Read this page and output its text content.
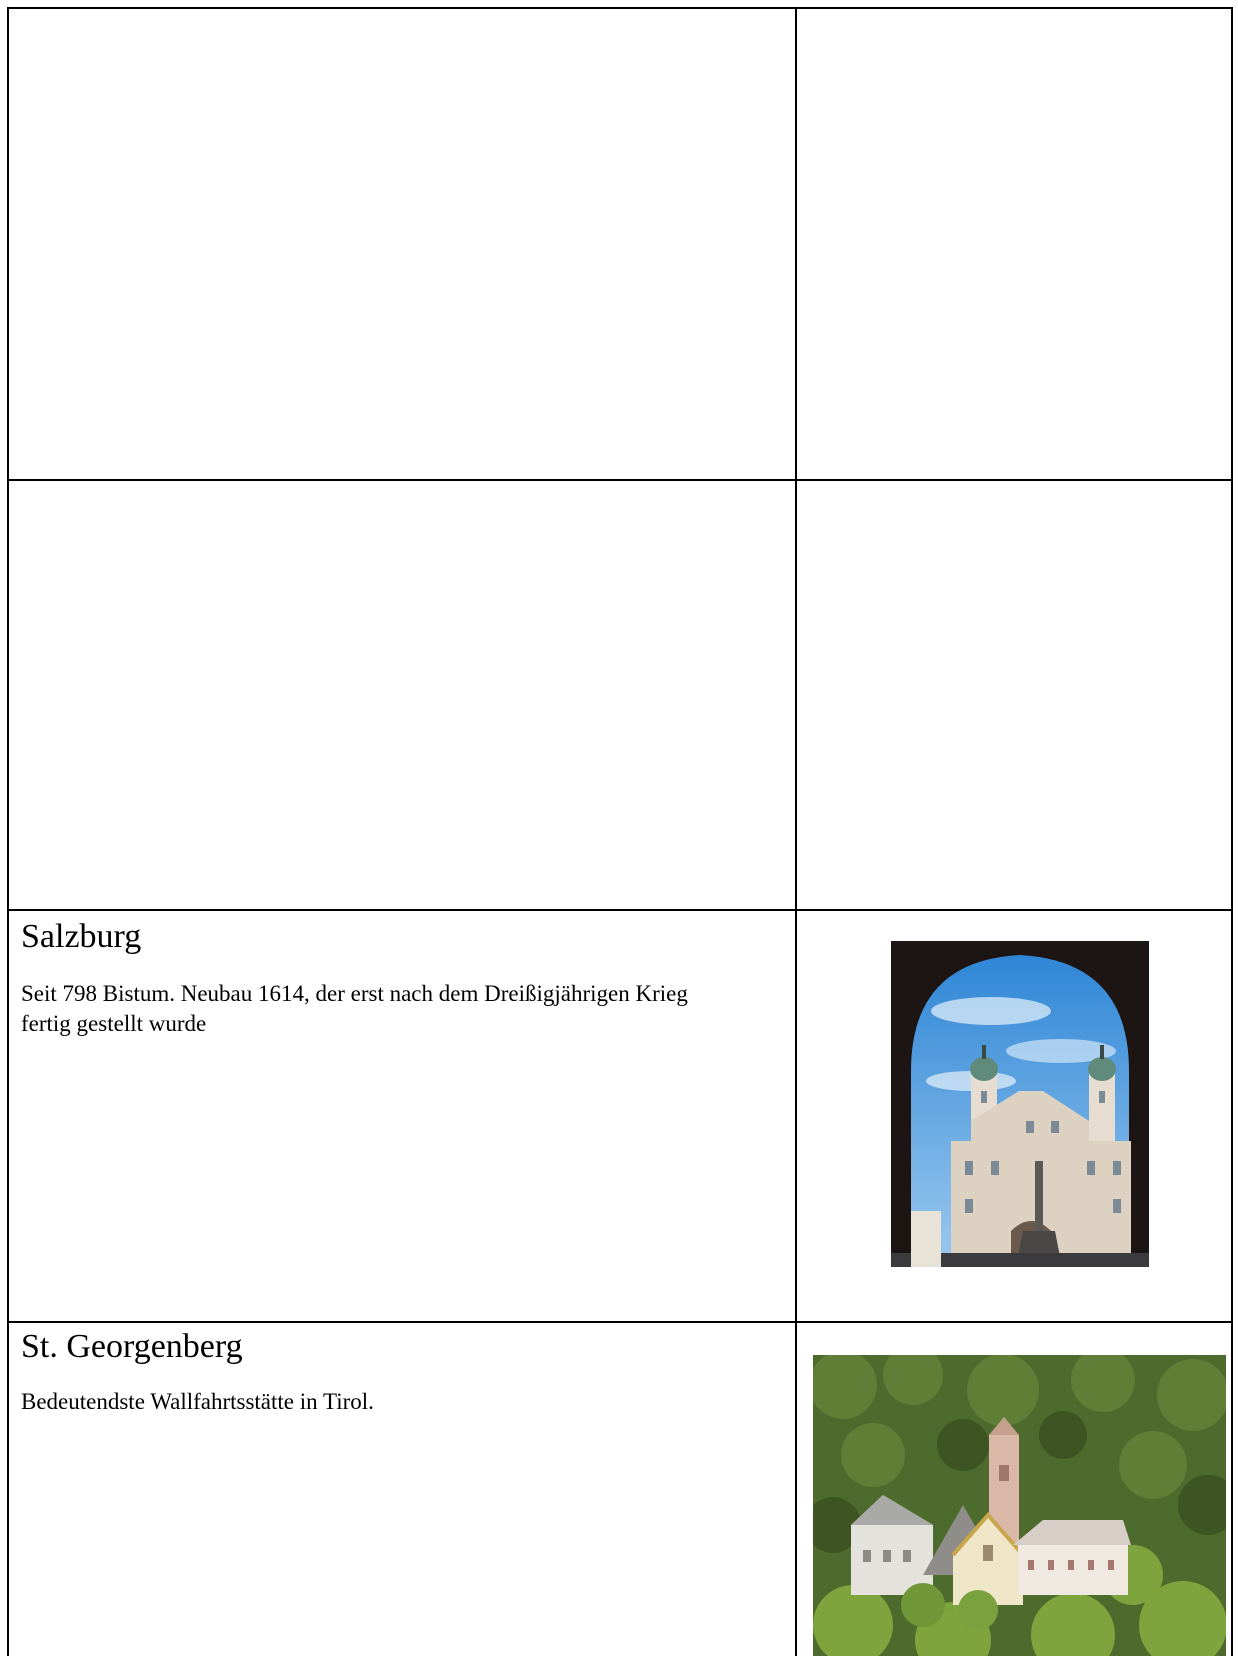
Salzburg

Seit 798 Bistum. Neubau 1614, der erst nach dem Dreißigjährigen Krieg fertig gestellt wurde

St. Georgenberg

Bedeutendste Wallfahrtsstätte in Tirol.
